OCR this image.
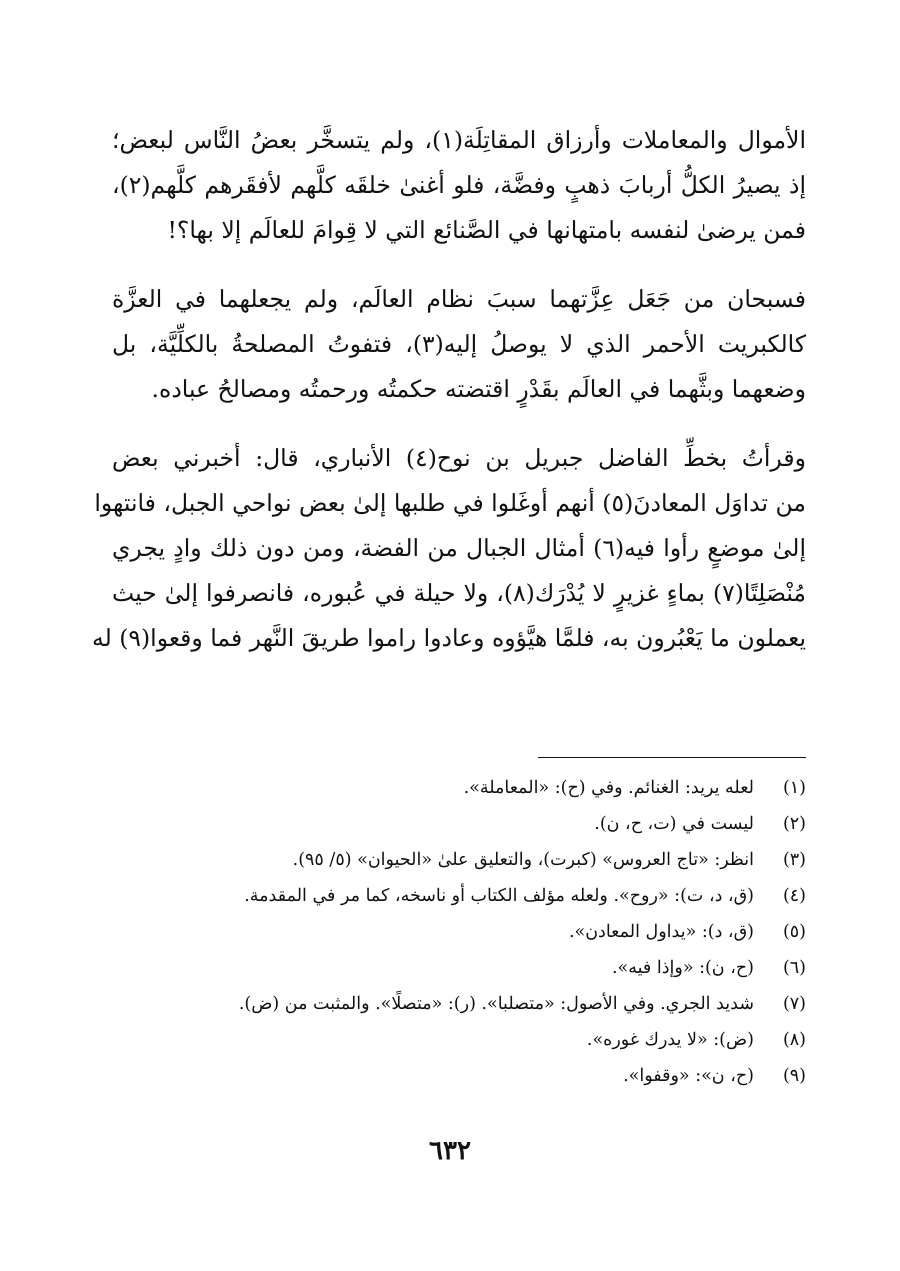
الأموال والمعاملات وأرزاق المقاتِلَة(١)، ولم يتسخَّر بعضُ النَّاس لبعض؛
إذ يصيرُ الكلُّ أربابَ ذهبٍ وفضَّة، فلو أغنىٰ خلقَه كلَّهم لأفقَرهم كلَّهم(٢)،
فمن يرضىٰ لنفسه بامتهانها في الصَّنائع التي لا قِوامَ للعالَم إلا بها؟!

فسبحان من جَعَل عِزَّتهما سببَ نظام العالَم، ولم يجعلهما في العزَّة
كالكبريت الأحمر الذي لا يوصلُ إليه(٣)، فتفوتُ المصلحةُ بالكلِّيَّة، بل
وضعهما وبثَّهما في العالَم بقَدْرٍ اقتضته حكمتُه ورحمتُه ومصالحُ عباده.

وقرأتُ بخطِّ الفاضل جبريل بن نوح(٤) الأنباري، قال: أخبرني بعض
من تداوَل المعادنَ(٥) أنهم أوغَلوا في طلبها إلىٰ بعض نواحي الجبل، فانتهوا
إلىٰ موضعٍ رأوا فيه(٦) أمثال الجبال من الفضة، ومن دون ذلك وادٍ يجري
مُنْصَلِتًا(٧) بماءٍ غزيرٍ لا يُدْرَك(٨)، ولا حيلة في عُبوره، فانصرفوا إلىٰ حيث
يعملون ما يَعْبُرون به، فلمَّا هيَّؤوه وعادوا راموا طريقَ النَّهر فما وقعوا(٩) له

(١)
لعله يريد: الغنائم. وفي (ح): «المعاملة».
(٢)
ليست في (ت، ح، ن).
(٣)
انظر: «تاج العروس» (كبرت)، والتعليق علىٰ «الحيوان» (٥/ ٩٥).
(٤)
(ق، د، ت): «روح». ولعله مؤلف الكتاب أو ناسخه، كما مر في المقدمة.
(٥)
(ق، د): «يداول المعادن».
(٦)
(ح، ن): «وإذا فيه».
(٧)
شديد الجري. وفي الأصول: «متصلبا». (ر): «متصلًا». والمثبت من (ض).
(٨)
(ض): «لا يدرك غوره».
(٩)
(ح، ن»: «وقفوا».
٦٣٢
